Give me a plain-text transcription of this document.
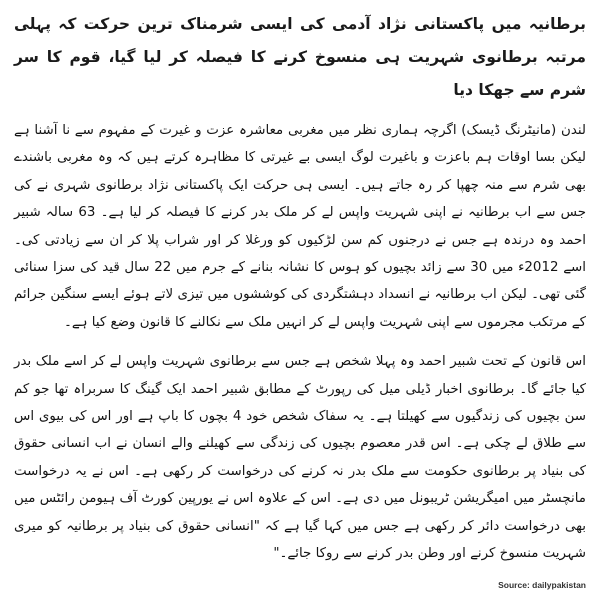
برطانیہ میں پاکستانی نژاد آدمی کی ایسی شرمناک ترین حرکت کہ پہلی مرتبہ برطانوی شہریت ہی منسوخ کرنے کا فیصلہ کر لیا گیا، قوم کا سر شرم سے جھکا دیا
لندن (مانیٹرنگ ڈیسک) اگرچہ ہماری نظر میں مغربی معاشرہ عزت و غیرت کے مفہوم سے نا آشنا ہے لیکن بسا اوقات ہم باعزت و باغیرت لوگ ایسی بے غیرتی کا مظاہرہ کرتے ہیں کہ وہ مغربی باشندے بھی شرم سے منہ چھپا کر رہ جاتے ہیں۔ ایسی ہی حرکت ایک پاکستانی نژاد برطانوی شہری نے کی جس سے اب برطانیہ نے اپنی شہریت واپس لے کر ملک بدر کرنے کا فیصلہ کر لیا ہے۔ 63 سالہ شبیر احمد وہ درندہ ہے جس نے درجنوں کم سن لڑکیوں کو ورغلا کر اور شراب پلا کر ان سے زیادتی کی۔ اسے 2012ء میں 30 سے زائد بچیوں کو ہوس کا نشانہ بنانے کے جرم میں 22 سال قید کی سزا سنائی گئی تھی۔ لیکن اب برطانیہ نے انسداد دہشتگردی کی کوششوں میں تیزی لاتے ہوئے ایسے سنگین جرائم کے مرتکب مجرموں سے اپنی شہریت واپس لے کر انہیں ملک سے نکالنے کا قانون وضع کیا ہے۔
اس قانون کے تحت شبیر احمد وہ پہلا شخص ہے جس سے برطانوی شہریت واپس لے کر اسے ملک بدر کیا جائے گا۔ برطانوی اخبار ڈیلی میل کی رپورٹ کے مطابق شبیر احمد ایک گینگ کا سربراہ تھا جو کم سن بچیوں کی زندگیوں سے کھیلتا ہے۔ یہ سفاک شخص خود 4 بچوں کا باپ ہے اور اس کی بیوی اس سے طلاق لے چکی ہے۔ اس قدر معصوم بچیوں کی زندگی سے کھیلنے والے انسان نے اب انسانی حقوق کی بنیاد پر برطانوی حکومت سے ملک بدر نہ کرنے کی درخواست کر رکھی ہے۔ اس نے یہ درخواست مانچسٹر میں امیگریشن ٹریبونل میں دی ہے۔ اس کے علاوہ اس نے یورپین کورٹ آف ہیومن رائٹس میں بھی درخواست دائر کر رکھی ہے جس میں کہا گیا ہے کہ "انسانی حقوق کی بنیاد پر برطانیہ کو میری شہریت منسوخ کرنے اور وطن بدر کرنے سے روکا جائے۔"
Source: dailypakistan
